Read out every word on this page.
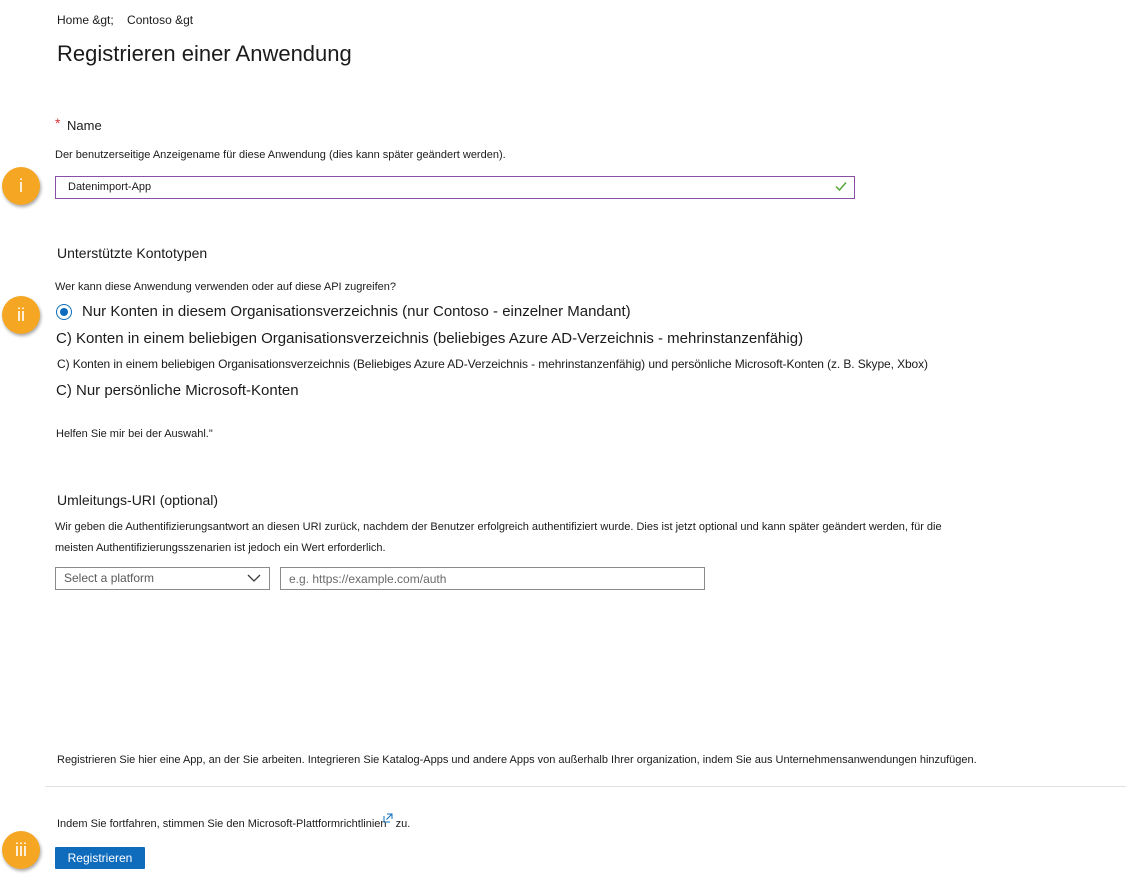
Home &gt; Contoso &gt
Registrieren einer Anwendung
i
ii
iii
* Name
Der benutzerseitige Anzeigename für diese Anwendung (dies kann später geändert werden).
Datenimport-App
Unterstützte Kontotypen
Wer kann diese Anwendung verwenden oder auf diese API zugreifen?
Nur Konten in diesem Organisationsverzeichnis (nur Contoso - einzelner Mandant)
C) Konten in einem beliebigen Organisationsverzeichnis (beliebiges Azure AD-Verzeichnis - mehrinstanzenfähig)
C) Konten in einem beliebigen Organisationsverzeichnis (Beliebiges Azure AD-Verzeichnis - mehrinstanzenfähig) und persönliche Microsoft-Konten (z. B. Skype, Xbox)
C) Nur persönliche Microsoft-Konten
Helfen Sie mir bei der Auswahl."
Umleitungs-URI (optional)
Wir geben die Authentifizierungsantwort an diesen URI zurück, nachdem der Benutzer erfolgreich authentifiziert wurde. Dies ist jetzt optional und kann später geändert werden, für die meisten Authentifizierungsszenarien ist jedoch ein Wert erforderlich.
Select a platform
e.g. https://example.com/auth
Registrieren Sie hier eine App, an der Sie arbeiten. Integrieren Sie Katalog-Apps und andere Apps von außerhalb Ihrer organization, indem Sie aus Unternehmensanwendungen hinzufügen.
Indem Sie fortfahren, stimmen Sie den Microsoft-Plattformrichtlinien zu.
Registrieren
